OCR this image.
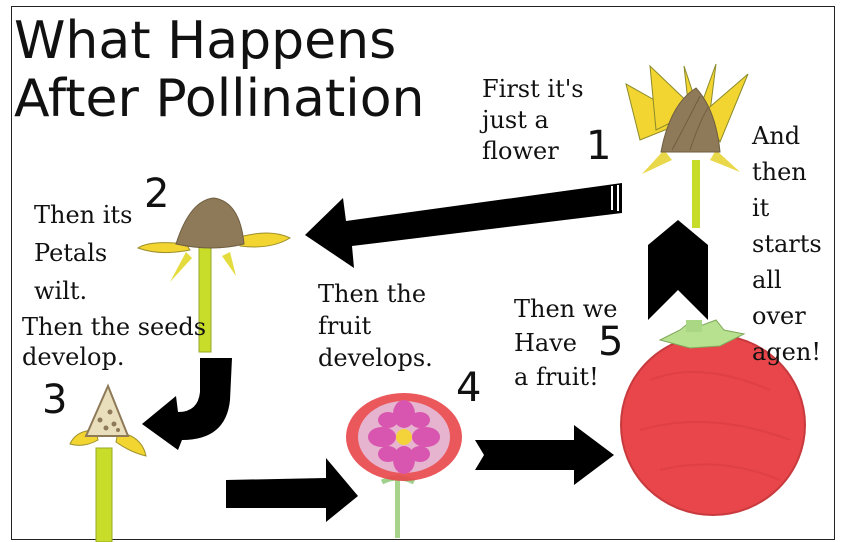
What Happens
After Pollination First it's
just a
flower 1	And
then
it
starts
all
over
agen!
Then its
Petals
wilt.
2
Then the seeds
develop.
3
Then the
fruit
develops.
4
Then we
Have
a fruit!
5
